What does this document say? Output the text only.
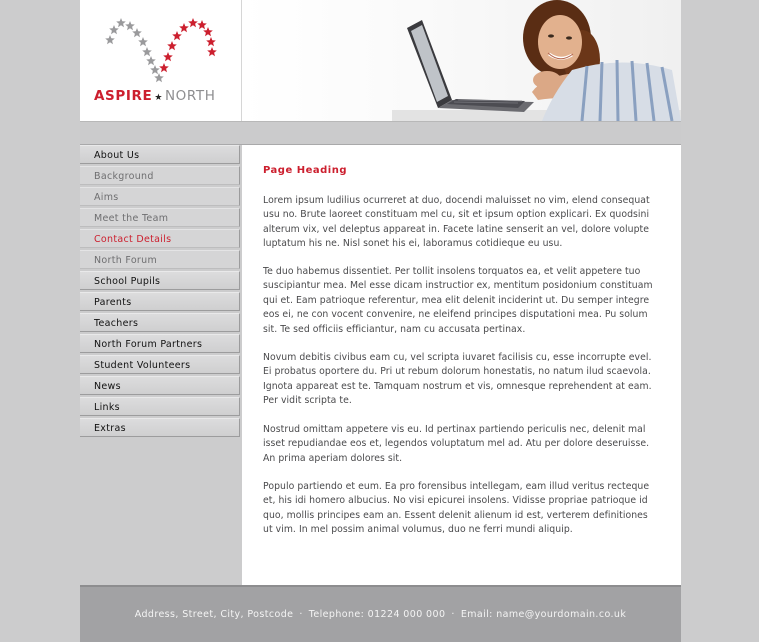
ASPIRE ★ NORTH
About Us
Background
Aims
Meet the Team
Contact Details
North Forum
School Pupils
Parents
Teachers
North Forum Partners
Student Volunteers
News
Links
Extras
Page Heading

Lorem ipsum ludilius ocurreret at duo, docendi maluisset no vim, elend consequat usu no. Brute laoreet constituam mel cu, sit et ipsum option explicari. Ex quodsini alterum vix, vel deleptus appareat in. Facete latine senserit an vel, dolore volupte luptatum his ne. Nisl sonet his ei, laboramus cotidieque eu usu.

Te duo habemus dissentiet. Per tollit insolens torquatos ea, et velit appetere tuo suscipiantur mea. Mel esse dicam instructior ex, mentitum posidonium constituam qui et. Eam patrioque referentur, mea elit delenit inciderint ut. Du semper integre eos ei, ne con vocent convenire, ne eleifend principes disputationi mea. Pu solum sit. Te sed officiis efficiantur, nam cu accusata pertinax.

Novum debitis civibus eam cu, vel scripta iuvaret facilisis cu, esse incorrupte evel. Ei probatus oportere du. Pri ut rebum dolorum honestatis, no natum ilud scaevola. Ignota appareat est te. Tamquam nostrum et vis, omnesque reprehendent at eam. Per vidit scripta te.

Nostrud omittam appetere vis eu. Id pertinax partiendo periculis nec, delenit mal isset repudiandae eos et, legendos voluptatum mel ad. Atu per dolore deseruisse. An prima aperiam dolores sit.

Populo partiendo et eum. Ea pro forensibus intellegam, eam illud veritus recteque et, his idi homero albucius. No visi epicurei insolens. Vidisse propriae patrioque id quo, mollis principes eam an. Essent delenit alienum id est, verterem definitiones ut vim. In mel possim animal volumus, duo ne ferri mundi aliquip.

Address, Street, City, Postcode · Telephone: 01224 000 000 · Email: name@yourdomain.co.uk
